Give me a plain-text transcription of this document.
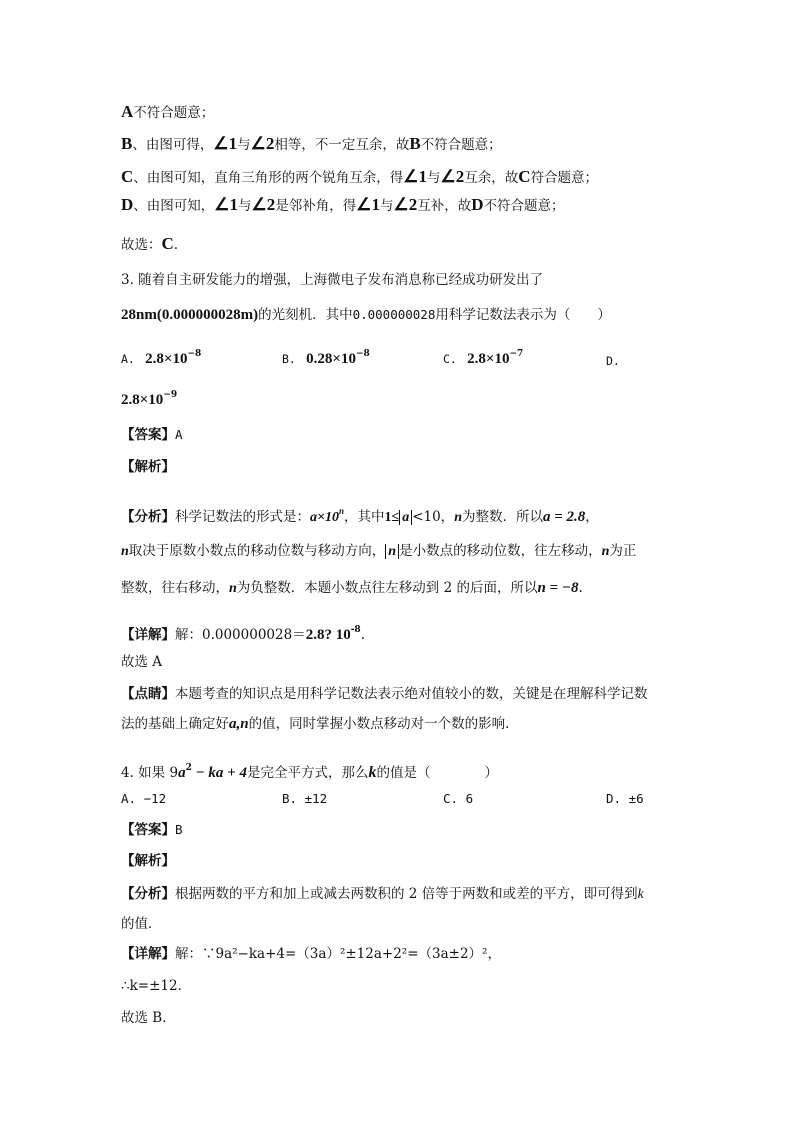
A不符合题意；
B、由图可得，∠1与∠2相等，不一定互余，故B不符合题意；
C、由图可知，直角三角形的两个锐角互余，得∠1与∠2互余，故C符合题意；
D、由图可知，∠1与∠2是邻补角，得∠1与∠2互补，故D不符合题意；
故选：C.
3. 随着自主研发能力的增强，上海微电子发布消息称已经成功研发出了
28nm(0.000000028m)的光刻机．其中0.000000028用科学记数法表示为（　　）
A. $2.8\times 10^{-8}$	B. $0.28\times 10^{-8}$	C. $2.8\times 10^{-7}$	D.
$2.8\times 10^{-9}$
【答案】A
【解析】
【分析】科学记数法的形式是：$a\times 10^n$，其中1≤ a <10，n为整数．所以a = 2.8，
n取决于原数小数点的移动位数与移动方向， n 是小数点的移动位数，往左移动，n为正
整数，往右移动，n为负整数．本题小数点往左移动到 2 的后面，所以n = −8.
【详解】解：0.000000028＝2.8? $10^{-8}$.
故选 A
【点睛】本题考查的知识点是用科学记数法表示绝对值较小的数，关键是在理解科学记数
法的基础上确定好a,n的值，同时掌握小数点移动对一个数的影响．
4. 如果 $9a^2$ − ka + 4是完全平方式，那么k的值是（　　　　）
A. −12	B. ±12	C. 6	D. ±6
【答案】B
【解析】
【分析】根据两数的平方和加上或减去两数积的 2 倍等于两数和或差的平方，即可得到k
的值．
【详解】解：∵9a²−ka+4=（3a）²±12a+2²=（3a±2）²，
∴k=±12．
故选 B．
